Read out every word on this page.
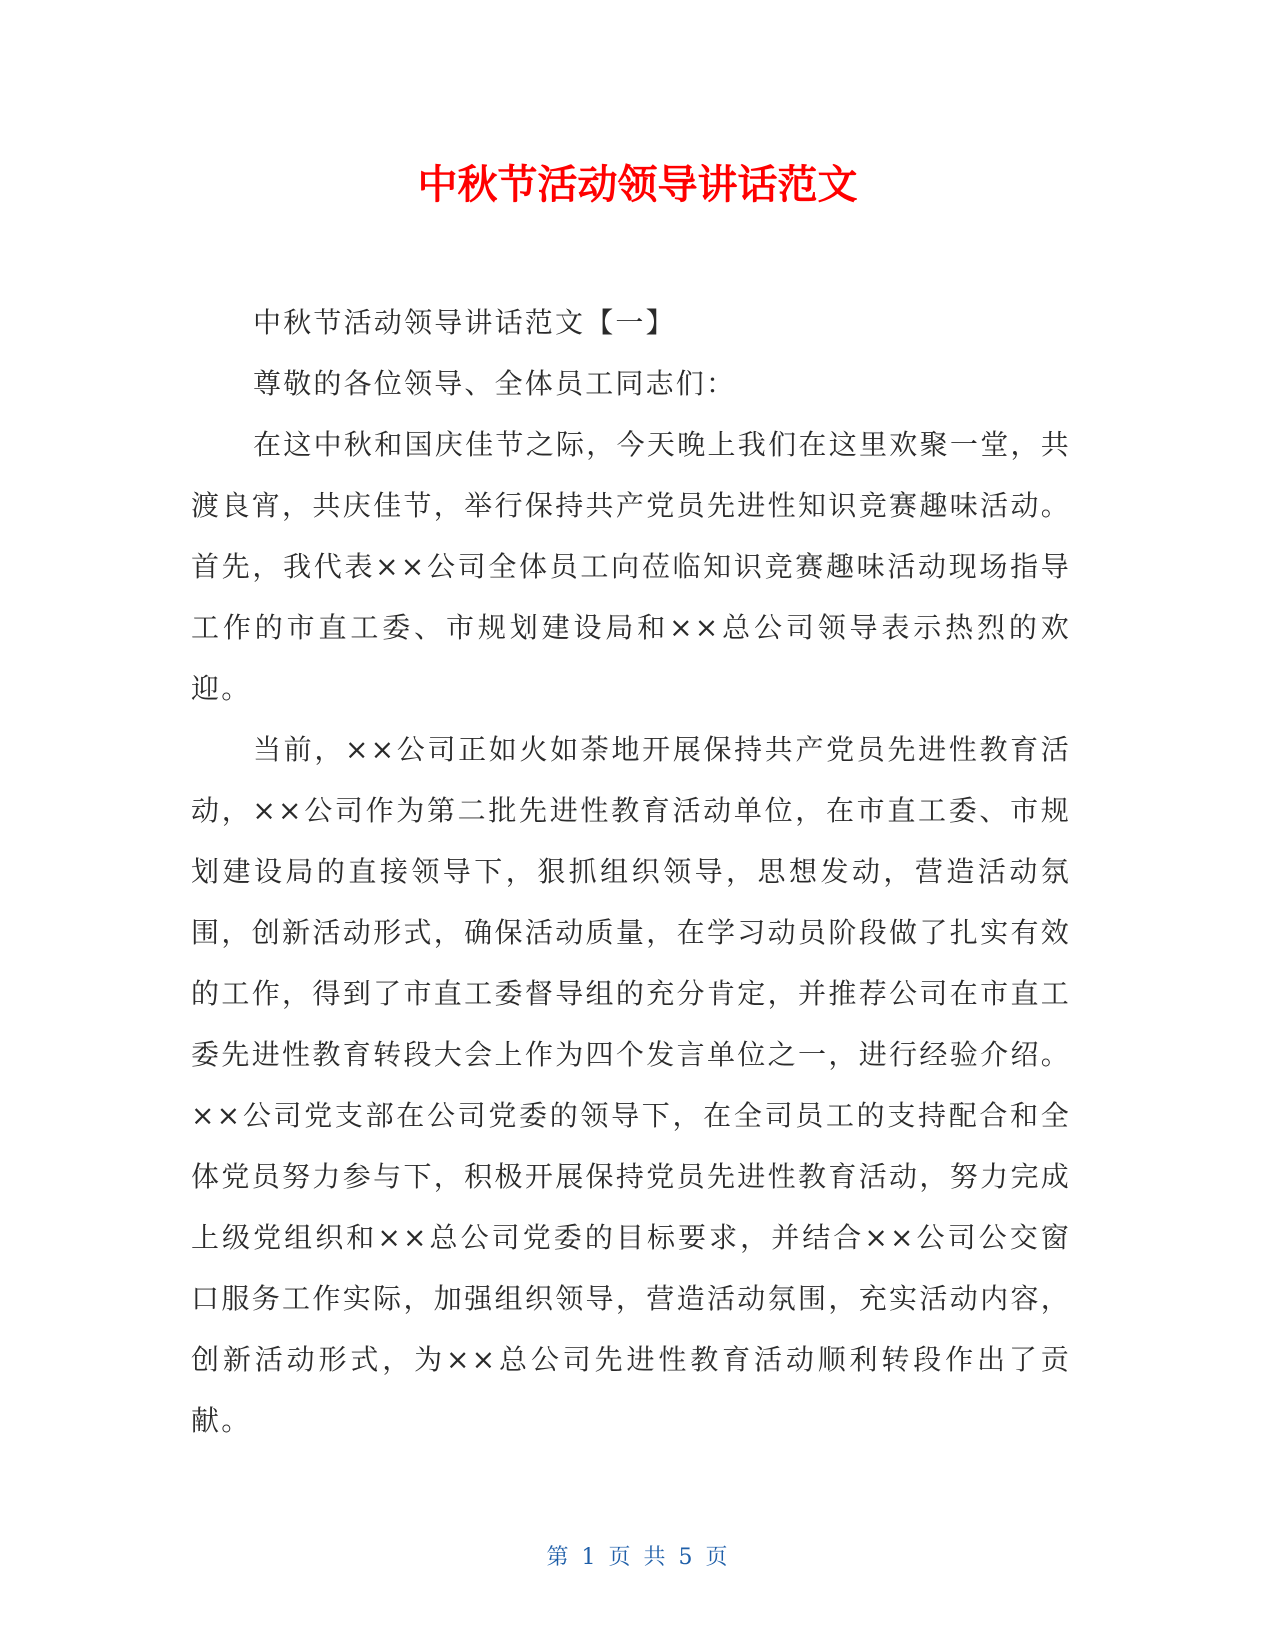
中秋节活动领导讲话范文

中秋节活动领导讲话范文【一】

尊敬的各位领导、全体员工同志们：

在这中秋和国庆佳节之际，今天晚上我们在这里欢聚一堂，共渡良宵，共庆佳节，举行保持共产党员先进性知识竞赛趣味活动。首先，我代表××公司全体员工向莅临知识竞赛趣味活动现场指导工作的市直工委、市规划建设局和××总公司领导表示热烈的欢迎。

当前，××公司正如火如荼地开展保持共产党员先进性教育活动，××公司作为第二批先进性教育活动单位，在市直工委、市规划建设局的直接领导下，狠抓组织领导，思想发动，营造活动氛围，创新活动形式，确保活动质量，在学习动员阶段做了扎实有效的工作，得到了市直工委督导组的充分肯定，并推荐公司在市直工委先进性教育转段大会上作为四个发言单位之一，进行经验介绍。××公司党支部在公司党委的领导下，在全司员工的支持配合和全体党员努力参与下，积极开展保持党员先进性教育活动，努力完成上级党组织和××总公司党委的目标要求，并结合××公司公交窗口服务工作实际，加强组织领导，营造活动氛围，充实活动内容，创新活动形式，为××总公司先进性教育活动顺利转段作出了贡献。

第 1 页 共 5 页
